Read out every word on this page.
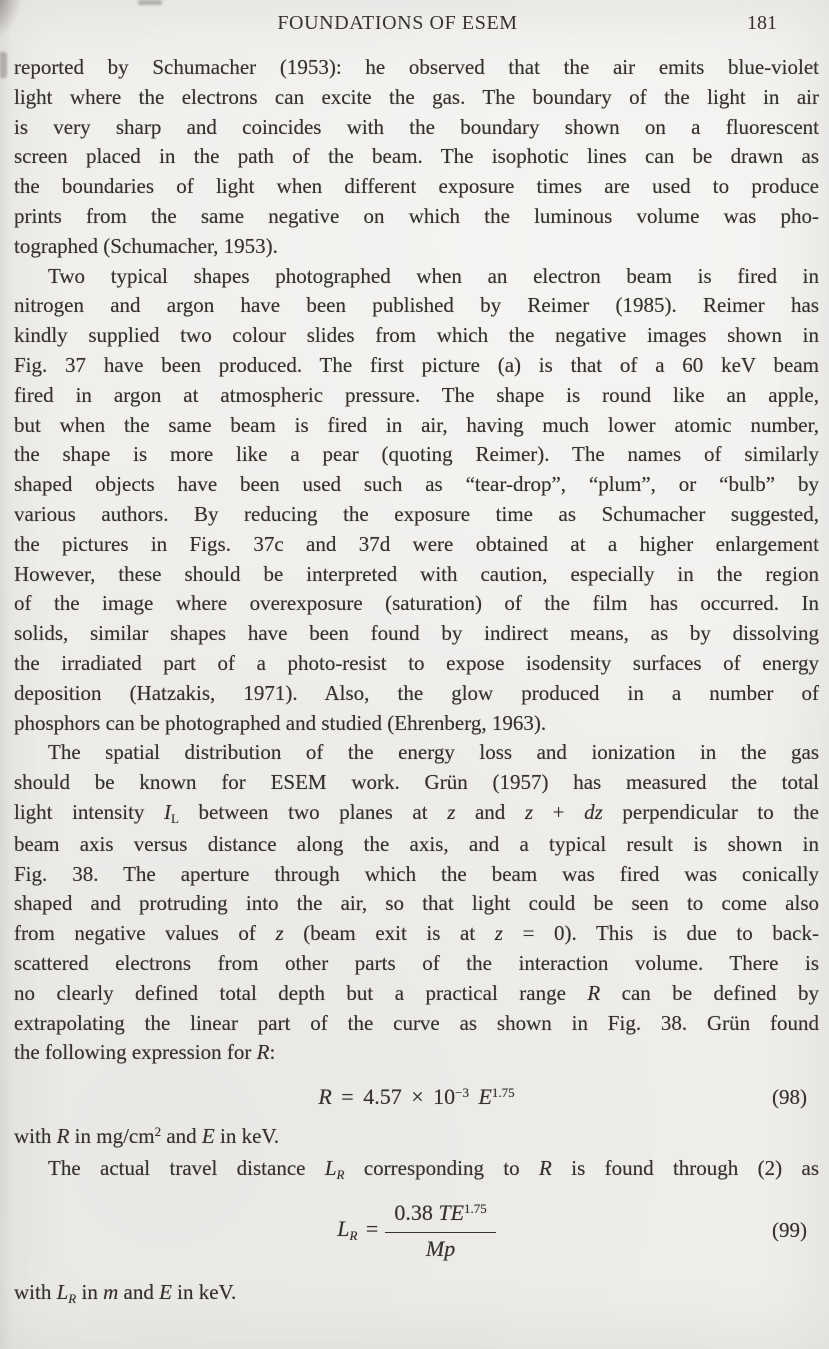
FOUNDATIONS OF ESEM	181
reported by Schumacher (1953): he observed that the air emits blue-violet
light where the electrons can excite the gas. The boundary of the light in air
is very sharp and coincides with the boundary shown on a fluorescent
screen placed in the path of the beam. The isophotic lines can be drawn as
the boundaries of light when different exposure times are used to produce
prints from the same negative on which the luminous volume was pho-
tographed (Schumacher, 1953).
Two typical shapes photographed when an electron beam is fired in
nitrogen and argon have been published by Reimer (1985). Reimer has
kindly supplied two colour slides from which the negative images shown in
Fig. 37 have been produced. The first picture (a) is that of a 60 keV beam
fired in argon at atmospheric pressure. The shape is round like an apple,
but when the same beam is fired in air, having much lower atomic number,
the shape is more like a pear (quoting Reimer). The names of similarly
shaped objects have been used such as “tear-drop”, “plum”, or “bulb” by
various authors. By reducing the exposure time as Schumacher suggested,
the pictures in Figs. 37c and 37d were obtained at a higher enlargement
However, these should be interpreted with caution, especially in the region
of the image where overexposure (saturation) of the film has occurred. In
solids, similar shapes have been found by indirect means, as by dissolving
the irradiated part of a photo-resist to expose isodensity surfaces of energy
deposition (Hatzakis, 1971). Also, the glow produced in a number of
phosphors can be photographed and studied (Ehrenberg, 1963).
The spatial distribution of the energy loss and ionization in the gas
should be known for ESEM work. Grün (1957) has measured the total
light intensity IL between two planes at z and z + dz perpendicular to the
beam axis versus distance along the axis, and a typical result is shown in
Fig. 38. The aperture through which the beam was fired was conically
shaped and protruding into the air, so that light could be seen to come also
from negative values of z (beam exit is at z = 0). This is due to back-
scattered electrons from other parts of the interaction volume. There is
no clearly defined total depth but a practical range R can be defined by
extrapolating the linear part of the curve as shown in Fig. 38. Grün found
the following expression for R:
$R = 4.57 \times 10^{-3}$ $E^{1.75}$	(98)
with R in $mg/cm^2$ and E in keV.
The actual travel distance LR corresponding to R is found through (2) as
LR = $\frac{0.38 TE^{1.75}}{Mp}$	(99)
with LR in m and E in keV.
